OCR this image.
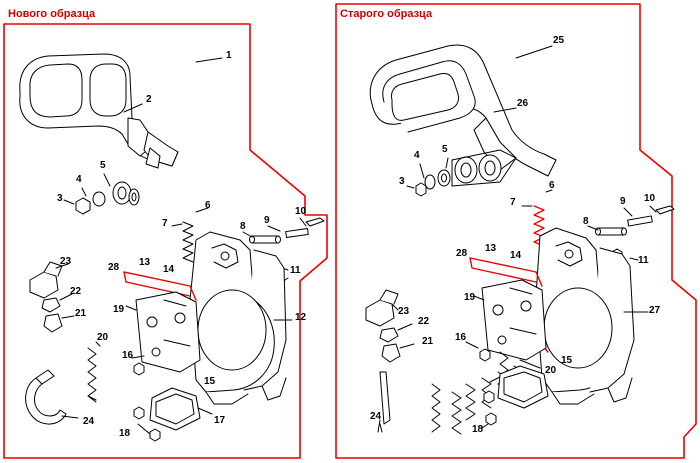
Нового образца	Старого образца
1
2
5
4
3
6
7	8
9
10
11
13
14
28
23
22
21	19
20
12
16
15
24	17
18
25
26
4
5
3	6
7
8
9 10
11
28 13
14
23
22
21
19
16
15
27
20
24
18
